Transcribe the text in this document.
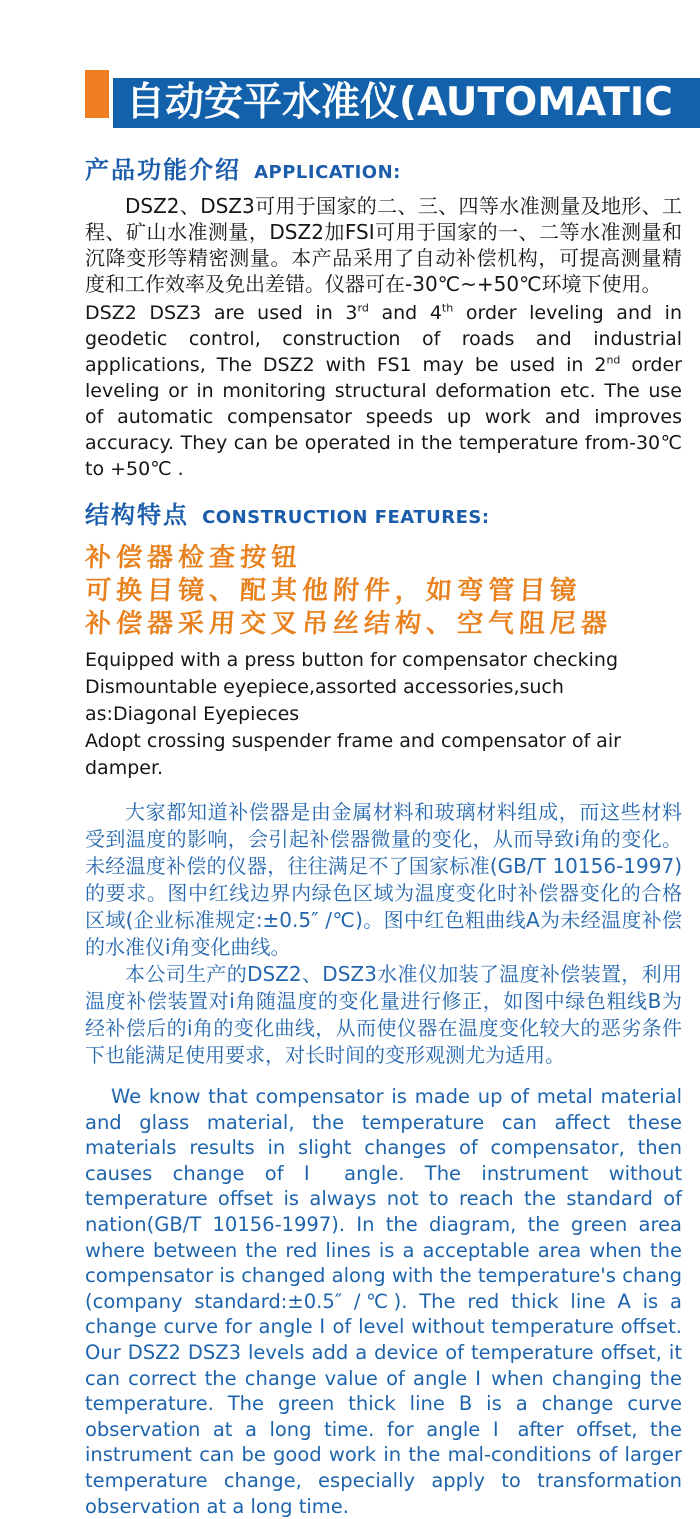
自动安平水准仪(AUTOMATIC
产品功能介绍 APPLICATION:

DSZ2、DSZ3可用于国家的二、三、四等水准测量及地形、工程、矿山水准测量，DSZ2加FSI可用于国家的一、二等水准测量和沉降变形等精密测量。本产品采用了自动补偿机构，可提高测量精度和工作效率及免出差错。仪器可在-30℃~+50℃环境下使用。

DSZ2 DSZ3 are used in 3rd and 4th order leveling and in geodetic control, construction of roads and industrial applications, The DSZ2 with FS1 may be used in 2nd order leveling or in monitoring structural deformation etc. The use of automatic compensator speeds up work and improves accuracy. They can be operated in the temperature from-30℃ to +50℃ .

结构特点 CONSTRUCTION FEATURES:
补偿器检查按钮
可换目镜、配其他附件，如弯管目镜
补偿器采用交叉吊丝结构、空气阻尼器
Equipped with a press button for compensator checking
Dismountable eyepiece,assorted accessories,such as:Diagonal Eyepieces
Adopt crossing suspender frame and compensator of air damper.

大家都知道补偿器是由金属材料和玻璃材料组成，而这些材料受到温度的影响，会引起补偿器微量的变化，从而导致i角的变化。未经温度补偿的仪器，往往满足不了国家标准(GB/T 10156-1997)的要求。图中红线边界内绿色区域为温度变化时补偿器变化的合格区域(企业标准规定:±0.5″ /℃)。图中红色粗曲线A为未经温度补偿的水准仪i角变化曲线。

本公司生产的DSZ2、DSZ3水准仪加装了温度补偿装置，利用温度补偿装置对i角随温度的变化量进行修正，如图中绿色粗线B为经补偿后的i角的变化曲线，从而使仪器在温度变化较大的恶劣条件下也能满足使用要求，对长时间的变形观测尤为适用。

We know that compensator is made up of metal material and glass material, the temperature can affect these materials results in slight changes of compensator, then causes change of Ⅰ angle. The instrument without temperature offset is always not to reach the standard of nation(GB/T 10156-1997). In the diagram, the green area where between the red lines is a acceptable area when the compensator is changed along with the temperature's chang (company standard:±0.5″ /℃). The red thick line A is a change curve for angle Ⅰ of level without temperature offset. Our DSZ2 DSZ3 levels add a device of temperature offset, it can correct the change value of angle Ⅰ when changing the temperature. The green thick line B is a change curve observation at a long time. for angle Ⅰ after offset, the instrument can be good work in the mal-conditions of larger temperature change, especially apply to transformation observation at a long time.
